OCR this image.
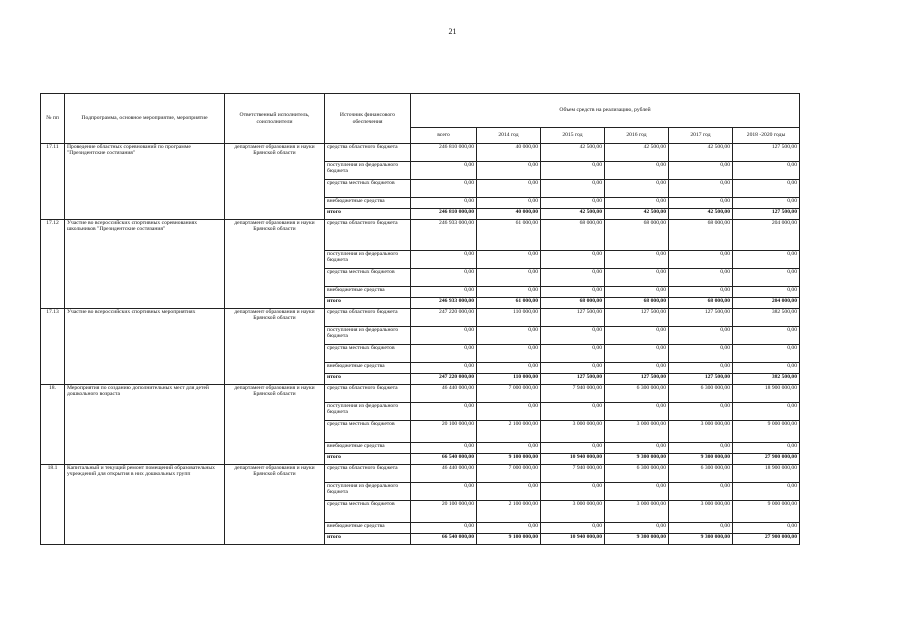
21
№ пп	Подпрограмма, основное мероприятие, мероприятие	Ответственный исполнитель, соисполнители	Источник финансового обеспечения	Объем средств на реализацию, рублей					
				всего	2014 год	2015 год	2016 год	2017 год	2018 -2020 годы
17.11	Проведение областных соревнований по программе "Президентские состязания"	департамент образования и науки Брянской области	средства областного бюджета	246 810 000,00	40 000,00	42 500,00	42 500,00	42 500,00	127 500,00
			поступления из федерального бюджета	0,00	0,00	0,00	0,00	0,00	0,00
			средства местных бюджетов	0,00	0,00	0,00	0,00	0,00	0,00
			внебюджетные средства	0,00	0,00	0,00	0,00	0,00	0,00
			итого	246 810 000,00	40 000,00	42 500,00	42 500,00	42 500,00	127 500,00
17.12	Участие во всероссийских спортивных соревнованиях школьников "Президентские состязания"	департамент образования и науки Брянской области	средства областного бюджета	246 933 000,00	61 000,00	68 000,00	68 000,00	68 000,00	204 000,00
			поступления из федерального бюджета	0,00	0,00	0,00	0,00	0,00	0,00
			средства местных бюджетов	0,00	0,00	0,00	0,00	0,00	0,00
			внебюджетные средства	0,00	0,00	0,00	0,00	0,00	0,00
			итого	246 933 000,00	61 000,00	68 000,00	68 000,00	68 000,00	204 000,00
17.13	Участие во всероссийских спортивных мероприятиях	департамент образования и науки Брянской области	средства областного бюджета	247 220 000,00	110 000,00	127 500,00	127 500,00	127 500,00	382 500,00
			поступления из федерального бюджета	0,00	0,00	0,00	0,00	0,00	0,00
			средства местных бюджетов	0,00	0,00	0,00	0,00	0,00	0,00
			внебюджетные средства	0,00	0,00	0,00	0,00	0,00	0,00
			итого	247 220 000,00	110 000,00	127 500,00	127 500,00	127 500,00	382 500,00
18.	Мероприятия по созданию дополнительных мест для детей дошкольного возраста	департамент образования и науки Брянской области	средства областного бюджета	46 440 000,00	7 000 000,00	7 940 000,00	6 300 000,00	6 300 000,00	18 900 000,00
			поступления из федерального бюджета	0,00	0,00	0,00	0,00	0,00	0,00
			средства местных бюджетов	20 100 000,00	2 100 000,00	3 000 000,00	3 000 000,00	3 000 000,00	9 000 000,00
			внебюджетные средства	0,00	0,00	0,00	0,00	0,00	0,00
			итого	66 540 000,00	9 100 000,00	10 940 000,00	9 300 000,00	9 300 000,00	27 900 000,00
18.1	Капитальный и текущий ремонт помещений образовательных учреждений для открытия в них дошкольных групп	департамент образования и науки Брянской области	средства областного бюджета	46 440 000,00	7 000 000,00	7 940 000,00	6 300 000,00	6 300 000,00	18 900 000,00
			поступления из федерального бюджета	0,00	0,00	0,00	0,00	0,00	0,00
			средства местных бюджетов	20 100 000,00	2 100 000,00	3 000 000,00	3 000 000,00	3 000 000,00	9 000 000,00
			внебюджетные средства	0,00	0,00	0,00	0,00	0,00	0,00
			итого	66 540 000,00	9 100 000,00	10 940 000,00	9 300 000,00	9 300 000,00	27 900 000,00
